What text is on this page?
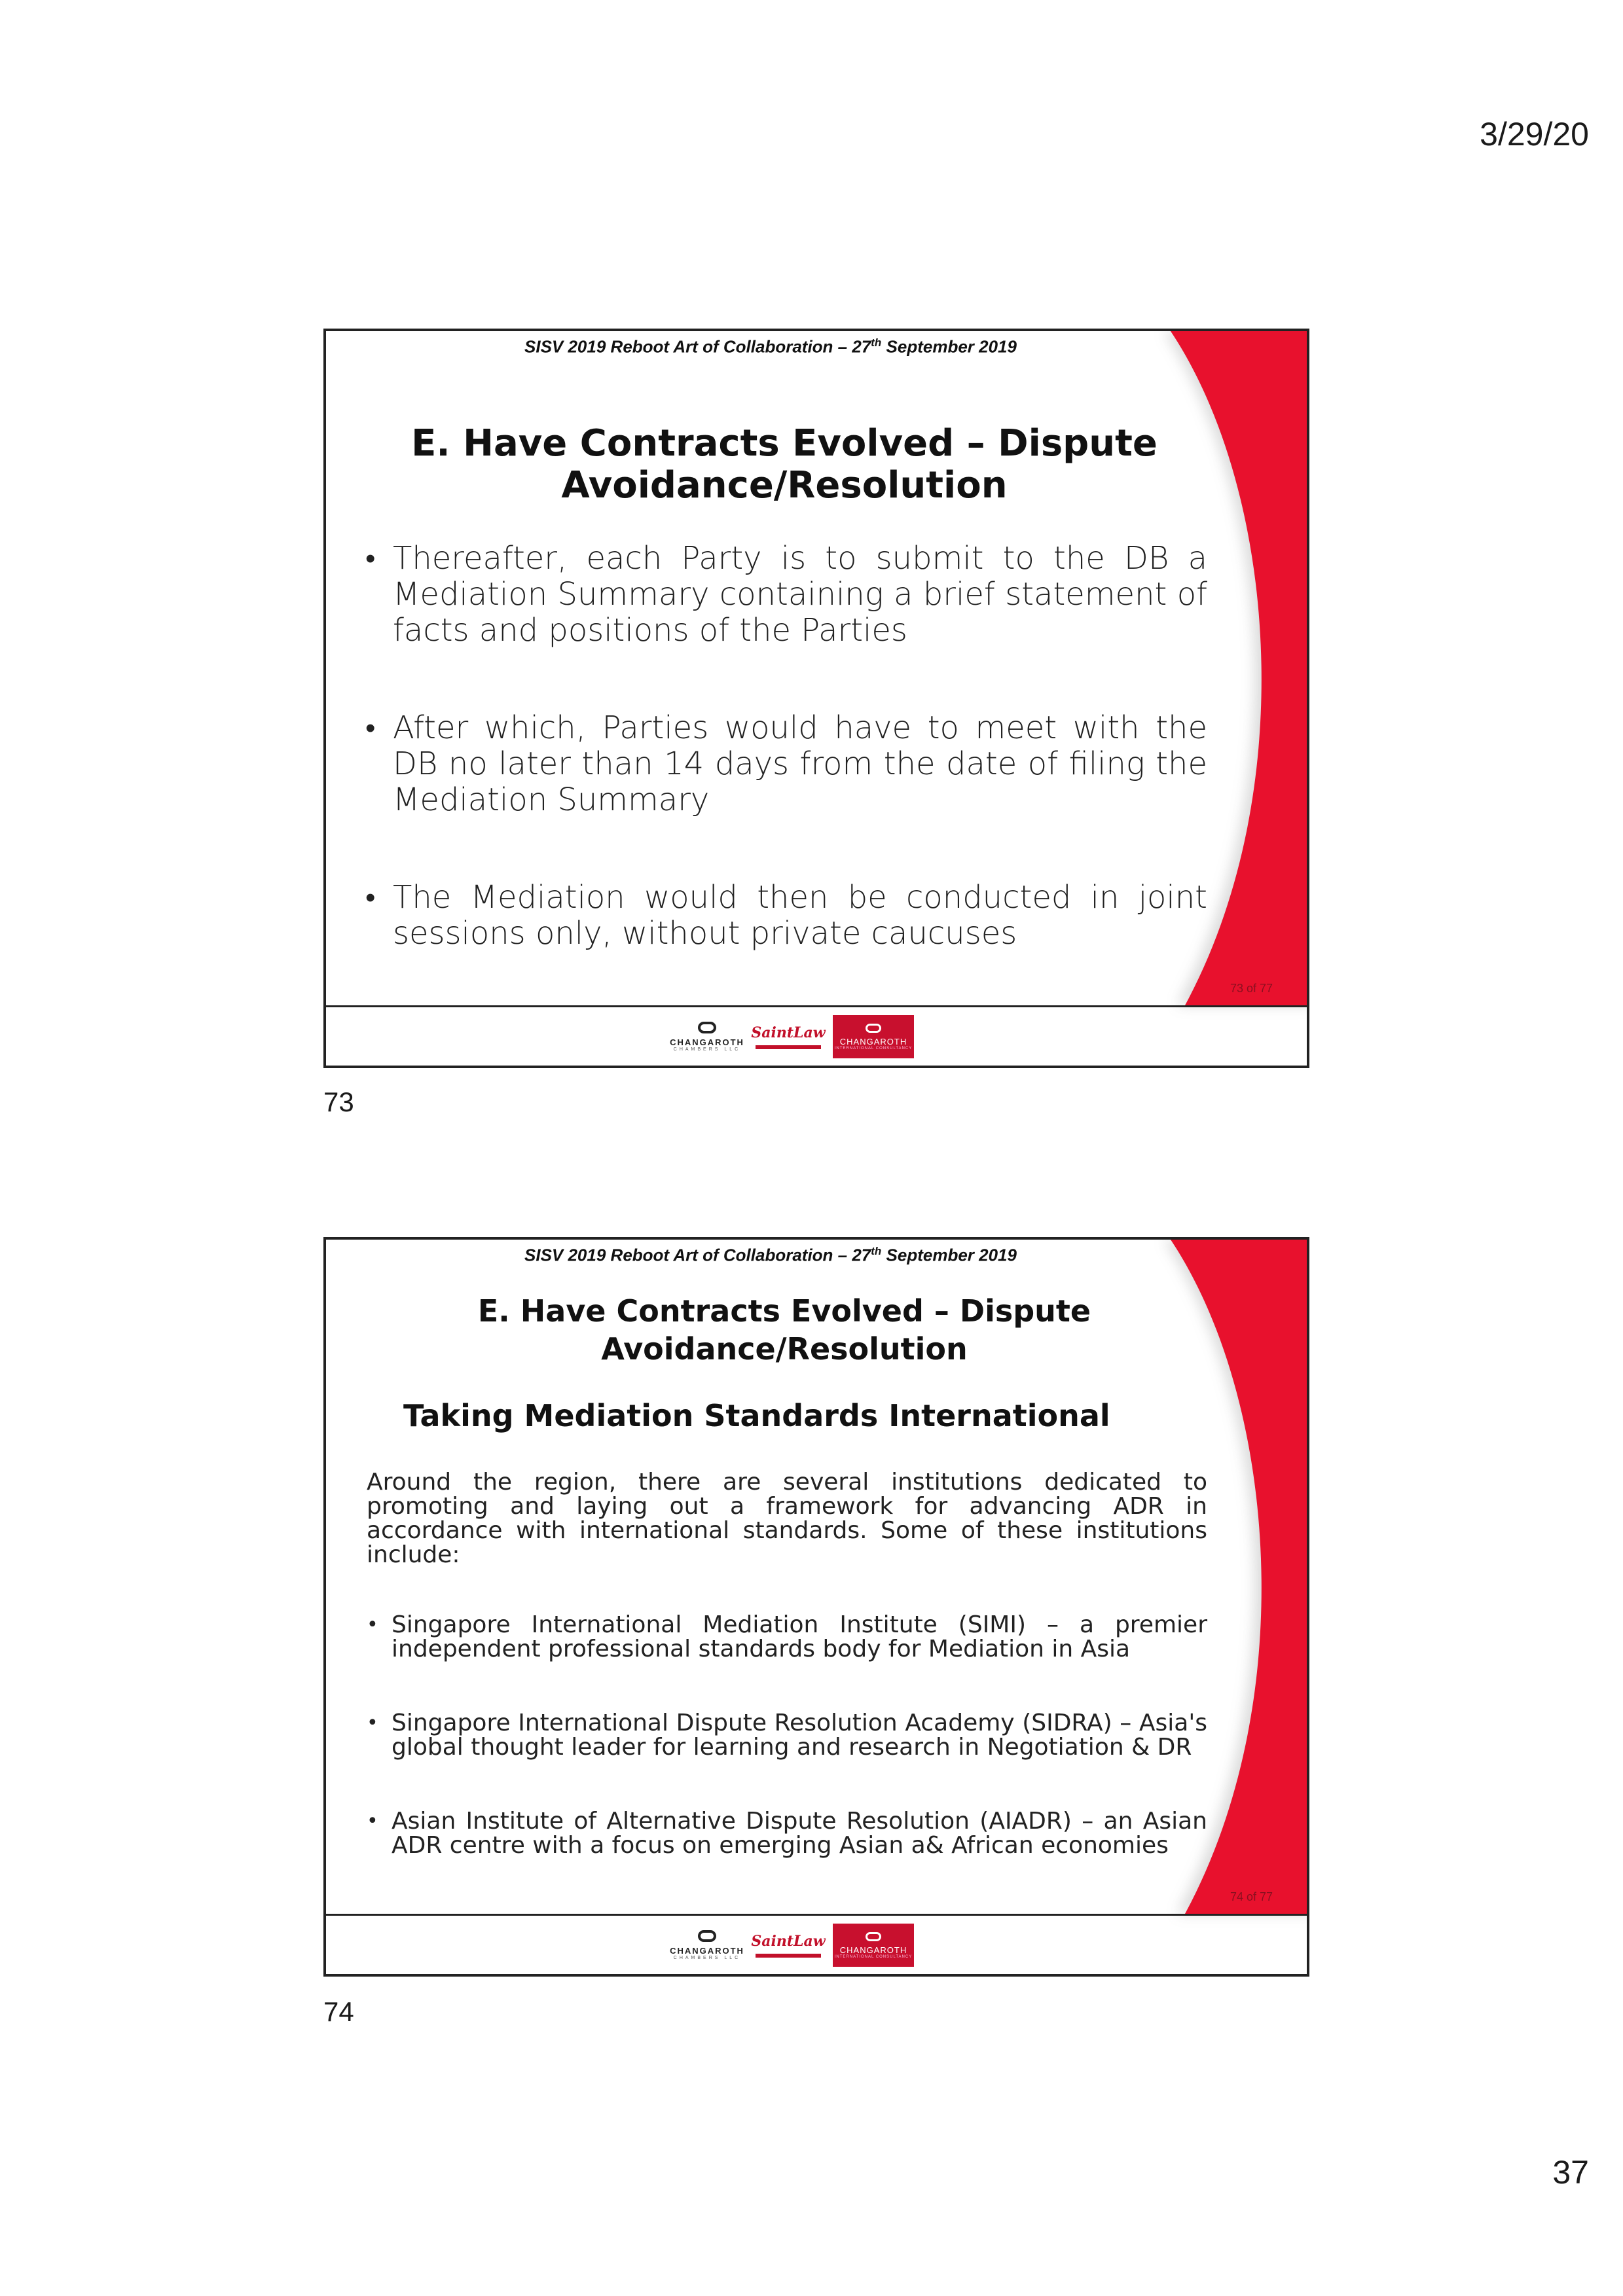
3/29/20
SISV 2019 Reboot Art of Collaboration – 27th September 2019
E. Have Contracts Evolved – Dispute Avoidance/Resolution
• Thereafter, each Party is to submit to the DB a Mediation Summary containing a brief statement of facts and positions of the Parties
• After which, Parties would have to meet with the DB no later than 14 days from the date of filing the Mediation Summary
• The Mediation would then be conducted in joint sessions only, without private caucuses
73 of 77
CHANGAROTH
CHAMBERS LLC
SaintLaw CHANGAROTH
INTERNATIONAL CONSULTANCY
73
SISV 2019 Reboot Art of Collaboration – 27th September 2019
E. Have Contracts Evolved – Dispute Avoidance/Resolution
Taking Mediation Standards International
Around the region, there are several institutions dedicated to promoting and laying out a framework for advancing ADR in accordance with international standards. Some of these institutions include:
• Singapore International Mediation Institute (SIMI) – a premier independent professional standards body for Mediation in Asia
• Singapore International Dispute Resolution Academy (SIDRA) – Asia's global thought leader for learning and research in Negotiation & DR
• Asian Institute of Alternative Dispute Resolution (AIADR) – an Asian ADR centre with a focus on emerging Asian a& African economies
74 of 77
CHANGAROTH
CHAMBERS LLC
SaintLaw CHANGAROTH
INTERNATIONAL CONSULTANCY
74
37
